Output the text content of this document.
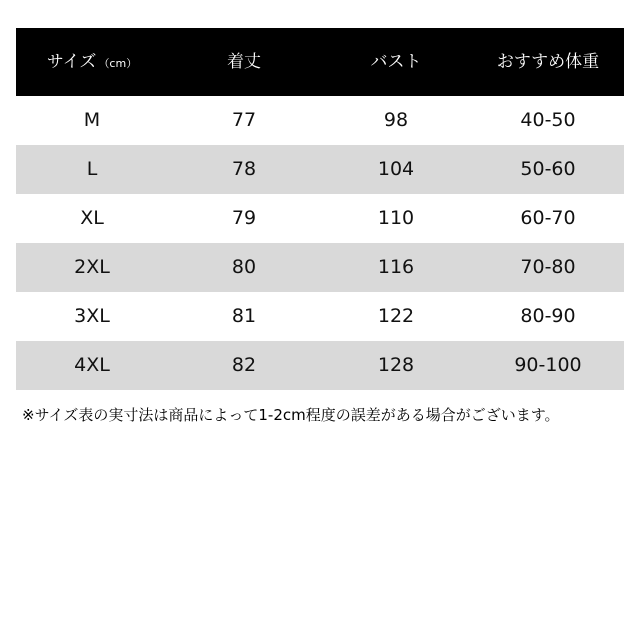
サイズ （cm）	着丈	バスト	おすすめ体重
M	77	98	40-50
L	78	104	50-60
XL	79	110	60-70
2XL	80	116	70-80
3XL	81	122	80-90
4XL	82	128	90-100
※サイズ表の実寸法は商品によって1-2cm程度の誤差がある場合がございます。
